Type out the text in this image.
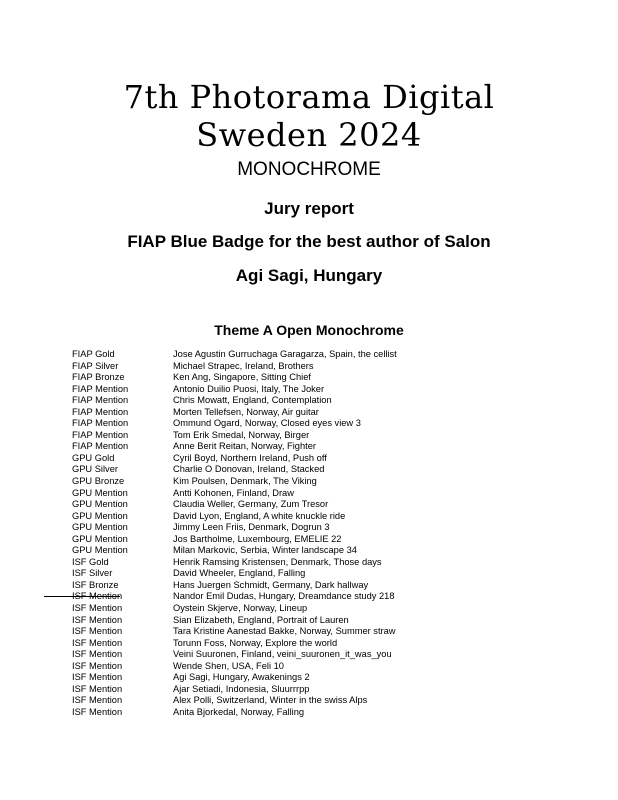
7th Photorama Digital
Sweden 2024
MONOCHROME
Jury report
FIAP Blue Badge for the best author of Salon
Agi Sagi, Hungary
Theme A Open Monochrome
FIAP Gold	Jose Agustin Gurruchaga Garagarza, Spain, the cellist
FIAP Silver	Michael Strapec, Ireland, Brothers
FIAP Bronze	Ken Ang, Singapore, Sitting Chief
FIAP Mention	Antonio Duilio Puosi, Italy, The Joker
FIAP Mention	Chris Mowatt, England, Contemplation
FIAP Mention	Morten Tellefsen, Norway, Air guitar
FIAP Mention	Ommund Ogard, Norway, Closed eyes view 3
FIAP Mention	Tom Erik Smedal, Norway, Birger
FIAP Mention	Anne Berit Reitan, Norway, Fighter
GPU Gold	Cyril Boyd, Northern Ireland, Push off
GPU Silver	Charlie O Donovan, Ireland, Stacked
GPU Bronze	Kim Poulsen, Denmark, The Viking
GPU Mention	Antti Kohonen, Finland, Draw
GPU Mention	Claudia Weller, Germany, Zum Tresor
GPU Mention	David Lyon, England, A white knuckle ride
GPU Mention	Jimmy Leen Friis, Denmark, Dogrun 3
GPU Mention	Jos Bartholme, Luxembourg, EMELIE 22
GPU Mention	Milan Markovic, Serbia, Winter landscape 34
ISF Gold	Henrik Ramsing Kristensen, Denmark, Those days
ISF Silver	David Wheeler, England, Falling
ISF Bronze	Hans Juergen Schmidt, Germany, Dark hallway
ISF Mention	Nandor Emil Dudas, Hungary, Dreamdance study 218
ISF Mention	Oystein Skjerve, Norway, Lineup
ISF Mention	Sian Elizabeth, England, Portrait of Lauren
ISF Mention	Tara Kristine Aanestad Bakke, Norway, Summer straw
ISF Mention	Torunn Foss, Norway, Explore the world
ISF Mention	Veini Suuronen, Finland, veini_suuronen_it_was_you
ISF Mention	Wende Shen, USA, Feli 10
ISF Mention	Agi Sagi, Hungary, Awakenings 2
ISF Mention	Ajar Setiadi, Indonesia, Sluurrrpp
ISF Mention	Alex Polli, Switzerland, Winter in the swiss Alps
ISF Mention	Anita Bjorkedal, Norway, Falling
